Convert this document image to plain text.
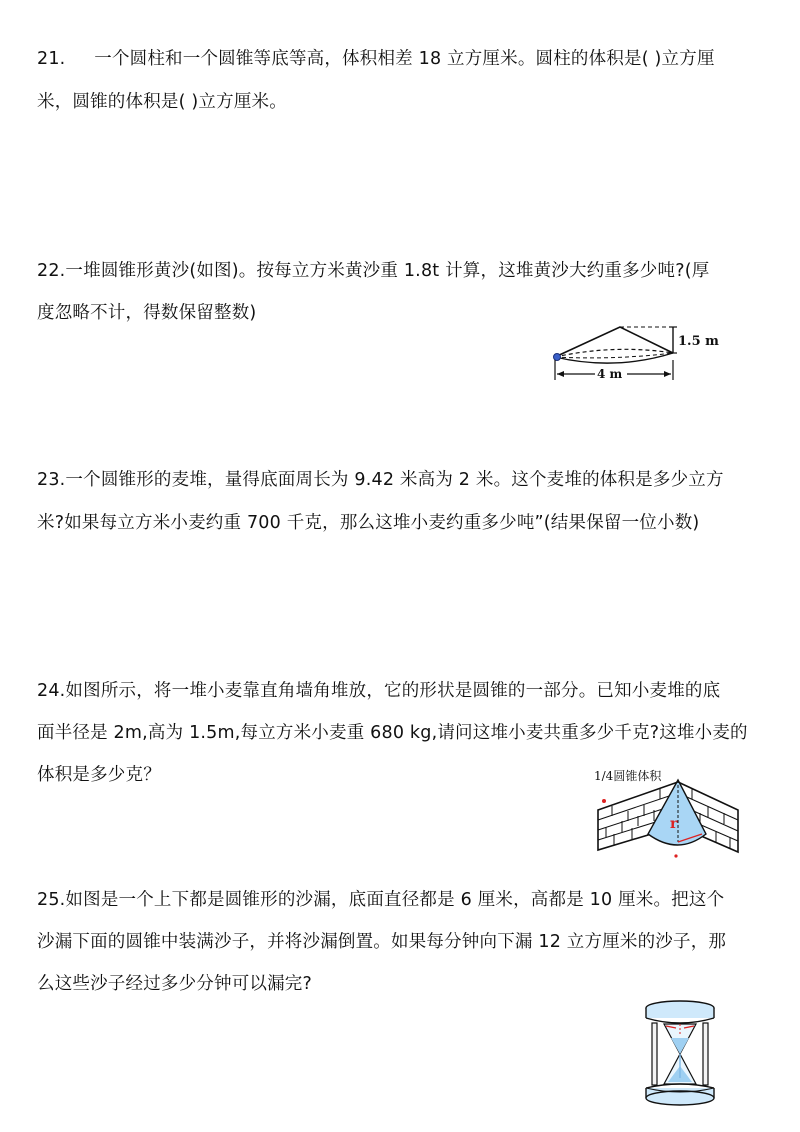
21.     一个圆柱和一个圆锥等底等高，体积相差 18 立方厘米。圆柱的体积是( )立方厘
米，圆锥的体积是( )立方厘米。
22.一堆圆锥形黄沙(如图)。按每立方米黄沙重 1.8t 计算，这堆黄沙大约重多少吨?(厚
度忽略不计，得数保留整数)
4 m
1.5 m
23.一个圆锥形的麦堆，量得底面周长为 9.42 米高为 2 米。这个麦堆的体积是多少立方
米?如果每立方米小麦约重 700 千克，那么这堆小麦约重多少吨”(结果保留一位小数)
24.如图所示，将一堆小麦靠直角墙角堆放，它的形状是圆锥的一部分。已知小麦堆的底
面半径是 2m,高为 1.5m,每立方米小麦重 680 kg,请问这堆小麦共重多少千克?这堆小麦的
体积是多少克？	1/4圆锥体积
r
25.如图是一个上下都是圆锥形的沙漏，底面直径都是 6 厘米，高都是 10 厘米。把这个
沙漏下面的圆锥中装满沙子，并将沙漏倒置。如果每分钟向下漏 12 立方厘米的沙子，那
么这些沙子经过多少分钟可以漏完?
